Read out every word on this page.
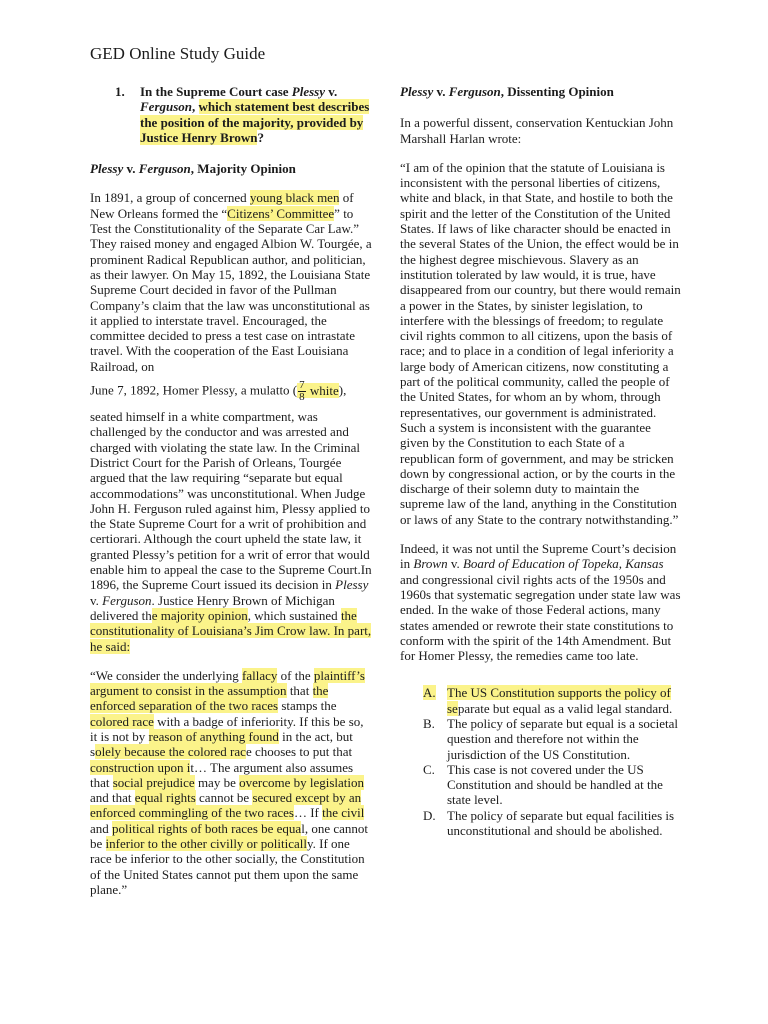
GED Online Study Guide
1.	In the Supreme Court case Plessy v. Ferguson, which statement best describes the position of the majority, provided by Justice Henry Brown?

Plessy v. Ferguson, Majority Opinion

In 1891, a group of concerned young black men of New Orleans formed the “Citizens’ Committee” to Test the Constitutionality of the Separate Car Law.” They raised money and engaged Albion W. Tourgée, a prominent Radical Republican author, and politician, as their lawyer. On May 15, 1892, the Louisiana State Supreme Court decided in favor of the Pullman Company’s claim that the law was unconstitutional as it applied to interstate travel. Encouraged, the committee decided to press a test case on intrastate travel. With the cooperation of the East Louisiana Railroad, on

June 7, 1892, Homer Plessy, a mulatto ( $\frac{7}{8}$ white),

seated himself in a white compartment, was challenged by the conductor and was arrested and charged with violating the state law. In the Criminal District Court for the Parish of Orleans, Tourgée argued that the law requiring “separate but equal accommodations” was unconstitutional. When Judge John H. Ferguson ruled against him, Plessy applied to the State Supreme Court for a writ of prohibition and certiorari. Although the court upheld the state law, it granted Plessy’s petition for a writ of error that would enable him to appeal the case to the Supreme Court.In 1896, the Supreme Court issued its decision in Plessy v. Ferguson. Justice Henry Brown of Michigan delivered the majority opinion, which sustained the constitutionality of Louisiana’s Jim Crow law. In part, he said:

“We consider the underlying fallacy of the plaintiff’s argument to consist in the assumption that the enforced separation of the two races stamps the colored race with a badge of inferiority. If this be so, it is not by reason of anything found in the act, but solely because the colored race chooses to put that construction upon it… The argument also assumes that social prejudice may be overcome by legislation and that equal rights cannot be secured except by an enforced commingling of the two races… If the civil and political rights of both races be equal, one cannot be inferior to the other civilly or politically. If one race be inferior to the other socially, the Constitution of the United States cannot put them upon the same plane.”

Plessy v. Ferguson, Dissenting Opinion

In a powerful dissent, conservation Kentuckian John Marshall Harlan wrote:

“I am of the opinion that the statute of Louisiana is inconsistent with the personal liberties of citizens, white and black, in that State, and hostile to both the spirit and the letter of the Constitution of the United States. If laws of like character should be enacted in the several States of the Union, the effect would be in the highest degree mischievous. Slavery as an institution tolerated by law would, it is true, have disappeared from our country, but there would remain a power in the States, by sinister legislation, to interfere with the blessings of freedom; to regulate civil rights common to all citizens, upon the basis of race; and to place in a condition of legal inferiority a large body of American citizens, now constituting a part of the political community, called the people of the United States, for whom an by whom, through representatives, our government is administrated. Such a system is inconsistent with the guarantee given by the Constitution to each State of a republican form of government, and may be stricken down by congressional action, or by the courts in the discharge of their solemn duty to maintain the supreme law of the land, anything in the Constitution or laws of any State to the contrary notwithstanding.”

Indeed, it was not until the Supreme Court’s decision in Brown v. Board of Education of Topeka, Kansas and congressional civil rights acts of the 1950s and 1960s that systematic segregation under state law was ended. In the wake of those Federal actions, many states amended or rewrote their state constitutions to conform with the spirit of the 14th Amendment. But for Homer Plessy, the remedies came too late.

A. The US Constitution supports the policy of separate but equal as a valid legal standard.
B. The policy of separate but equal is a societal question and therefore not within the jurisdiction of the US Constitution.
C. This case is not covered under the US Constitution and should be handled at the state level.
D. The policy of separate but equal facilities is unconstitutional and should be abolished.
